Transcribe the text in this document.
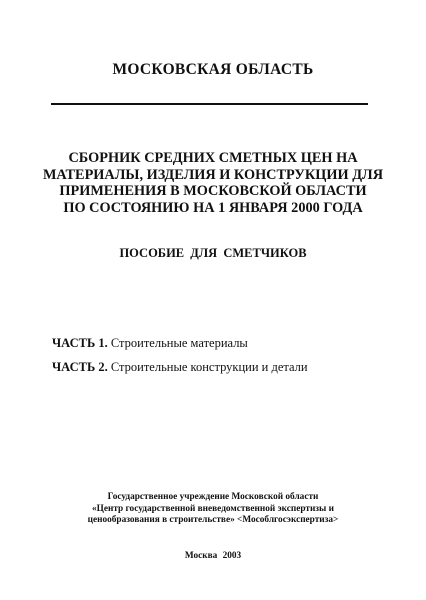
МОСКОВСКАЯ ОБЛАСТЬ
СБОРНИК СРЕДНИХ СМЕТНЫХ ЦЕН НА
МАТЕРИАЛЫ, ИЗДЕЛИЯ И КОНСТРУКЦИИ ДЛЯ
ПРИМЕНЕНИЯ В МОСКОВСКОЙ ОБЛАСТИ
ПО СОСТОЯНИЮ НА 1 ЯНВАРЯ 2000 ГОДА
ПОСОБИЕ ДЛЯ СМЕТЧИКОВ
ЧАСТЬ 1. Строительные материалы
ЧАСТЬ 2. Строительные конструкции и детали
Государственное учреждение Московской области
«Центр государственной вневедомственной экспертизы и
ценообразования в строительстве» <Мособлгосэкспертиза>
Москва 2003
